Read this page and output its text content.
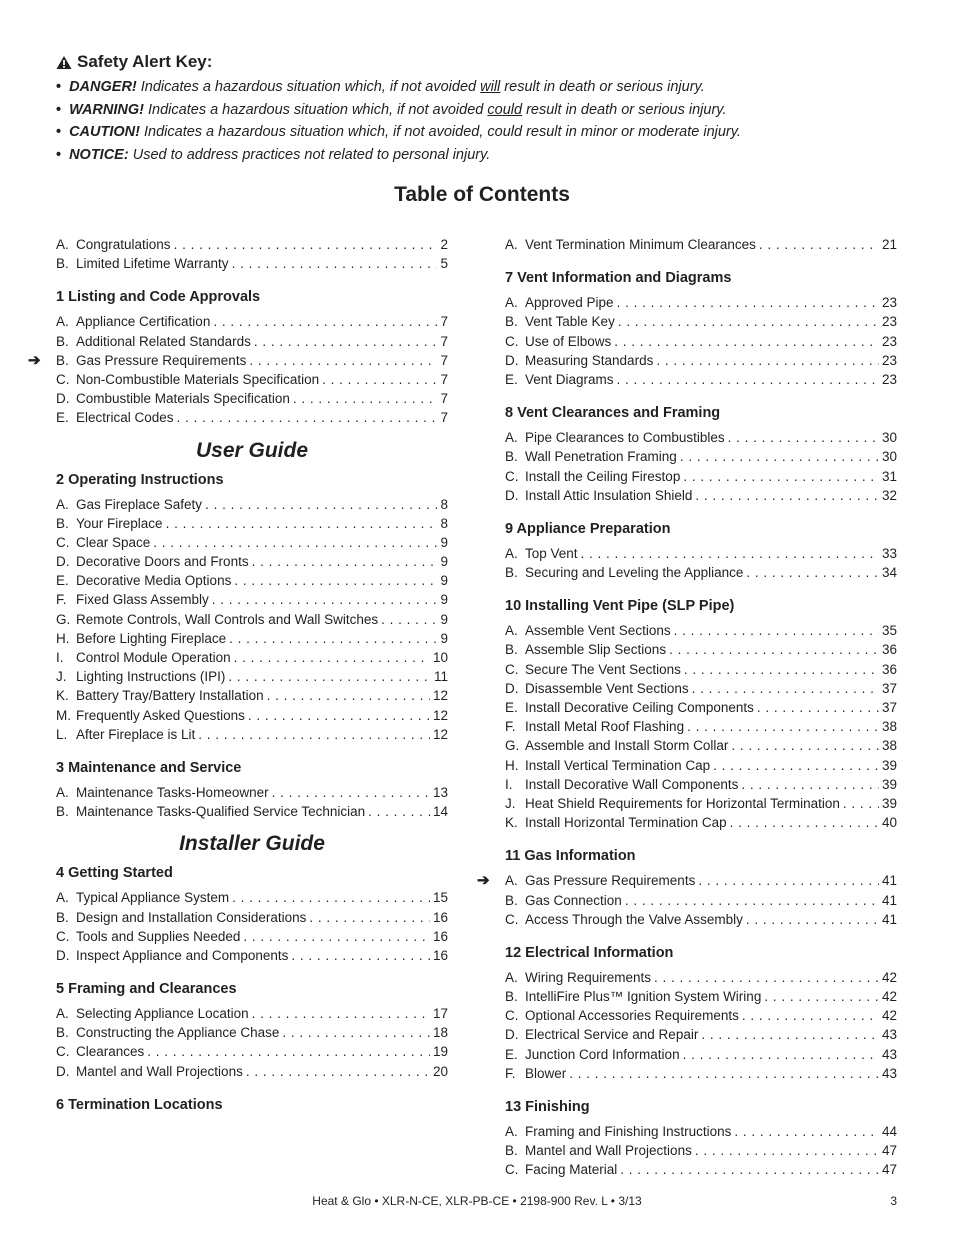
Safety Alert Key:

• DANGER! Indicates a hazardous situation which, if not avoided will result in death or serious injury.

• WARNING! Indicates a hazardous situation which, if not avoided could result in death or serious injury.

• CAUTION! Indicates a hazardous situation which, if not avoided, could result in minor or moderate injury.

• NOTICE: Used to address practices not related to personal injury.

Table of Contents
A. Congratulations . . .	2
B. Limited Lifetime Warranty . . .	5
1 Listing and Code Approvals
A. Appliance Certification . . .	7
B. Additional Related Standards . . .	7
➔ B. Gas Pressure Requirements . . .	7
C. Non-Combustible Materials Specification . . .	7
D. Combustible Materials Specification . . .	7
E. Electrical Codes . . .	7
User Guide
2 Operating Instructions
A. Gas Fireplace Safety . . .	8
B. Your Fireplace . . .	8
C. Clear Space . . .	9
D. Decorative Doors and Fronts . . .	9
E. Decorative Media Options . . .	9
F. Fixed Glass Assembly . . .	9
G. Remote Controls, Wall Controls and Wall Switches . . .	9
H. Before Lighting Fireplace . . .	9
I. Control Module Operation . . .	10
J. Lighting Instructions (IPI) . . .	11
K. Battery Tray/Battery Installation . . .	12
M. Frequently Asked Questions . . .	12
L. After Fireplace is Lit . . .	12
3 Maintenance and Service
A. Maintenance Tasks-Homeowner . . .	13
B. Maintenance Tasks-Qualified Service Technician . . .	14
Installer Guide
4 Getting Started
A. Typical Appliance System . . .	15
B. Design and Installation Considerations . . .	16
C. Tools and Supplies Needed . . .	16
D. Inspect Appliance and Components . . .	16
5 Framing and Clearances
A. Selecting Appliance Location . . .	17
B. Constructing the Appliance Chase . . .	18
C. Clearances . . .	19
D. Mantel and Wall Projections . . .	20
6 Termination Locations
A. Vent Termination Minimum Clearances . . .	21
7 Vent Information and Diagrams
A. Approved Pipe . . .	23
B. Vent Table Key . . .	23
C. Use of Elbows . . .	23
D. Measuring Standards . . .	23
E. Vent Diagrams . . .	23
8 Vent Clearances and Framing
A. Pipe Clearances to Combustibles . . .	30
B. Wall Penetration Framing . . .	30
C. Install the Ceiling Firestop . . .	31
D. Install Attic Insulation Shield . . .	32
9 Appliance Preparation
A. Top Vent . . .	33
B. Securing and Leveling the Appliance . . .	34
10 Installing Vent Pipe (SLP Pipe)
A. Assemble Vent Sections . . .	35
B. Assemble Slip Sections . . .	36
C. Secure The Vent Sections . . .	36
D. Disassemble Vent Sections . . .	37
E. Install Decorative Ceiling Components . . .	37
F. Install Metal Roof Flashing . . .	38
G. Assemble and Install Storm Collar . . .	38
H. Install Vertical Termination Cap . . .	39
I. Install Decorative Wall Components . . .	39
J. Heat Shield Requirements for Horizontal Termination . . .	39
K. Install Horizontal Termination Cap . . .	40
11 Gas Information
➔ A. Gas Pressure Requirements . . .	41
B. Gas Connection . . .	41
C. Access Through the Valve Assembly . . .	41
12 Electrical Information
A. Wiring Requirements . . .	42
B. IntelliFire Plus™ Ignition System Wiring . . .	42
C. Optional Accessories Requirements . . .	42
D. Electrical Service and Repair . . .	43
E. Junction Cord Information . . .	43
F. Blower . . .	43
13 Finishing
A. Framing and Finishing Instructions . . .	44
B. Mantel and Wall Projections . . .	47
C. Facing Material . . .	47
Heat & Glo • XLR-N-CE, XLR-PB-CE • 2198-900 Rev. L • 3/13	3
